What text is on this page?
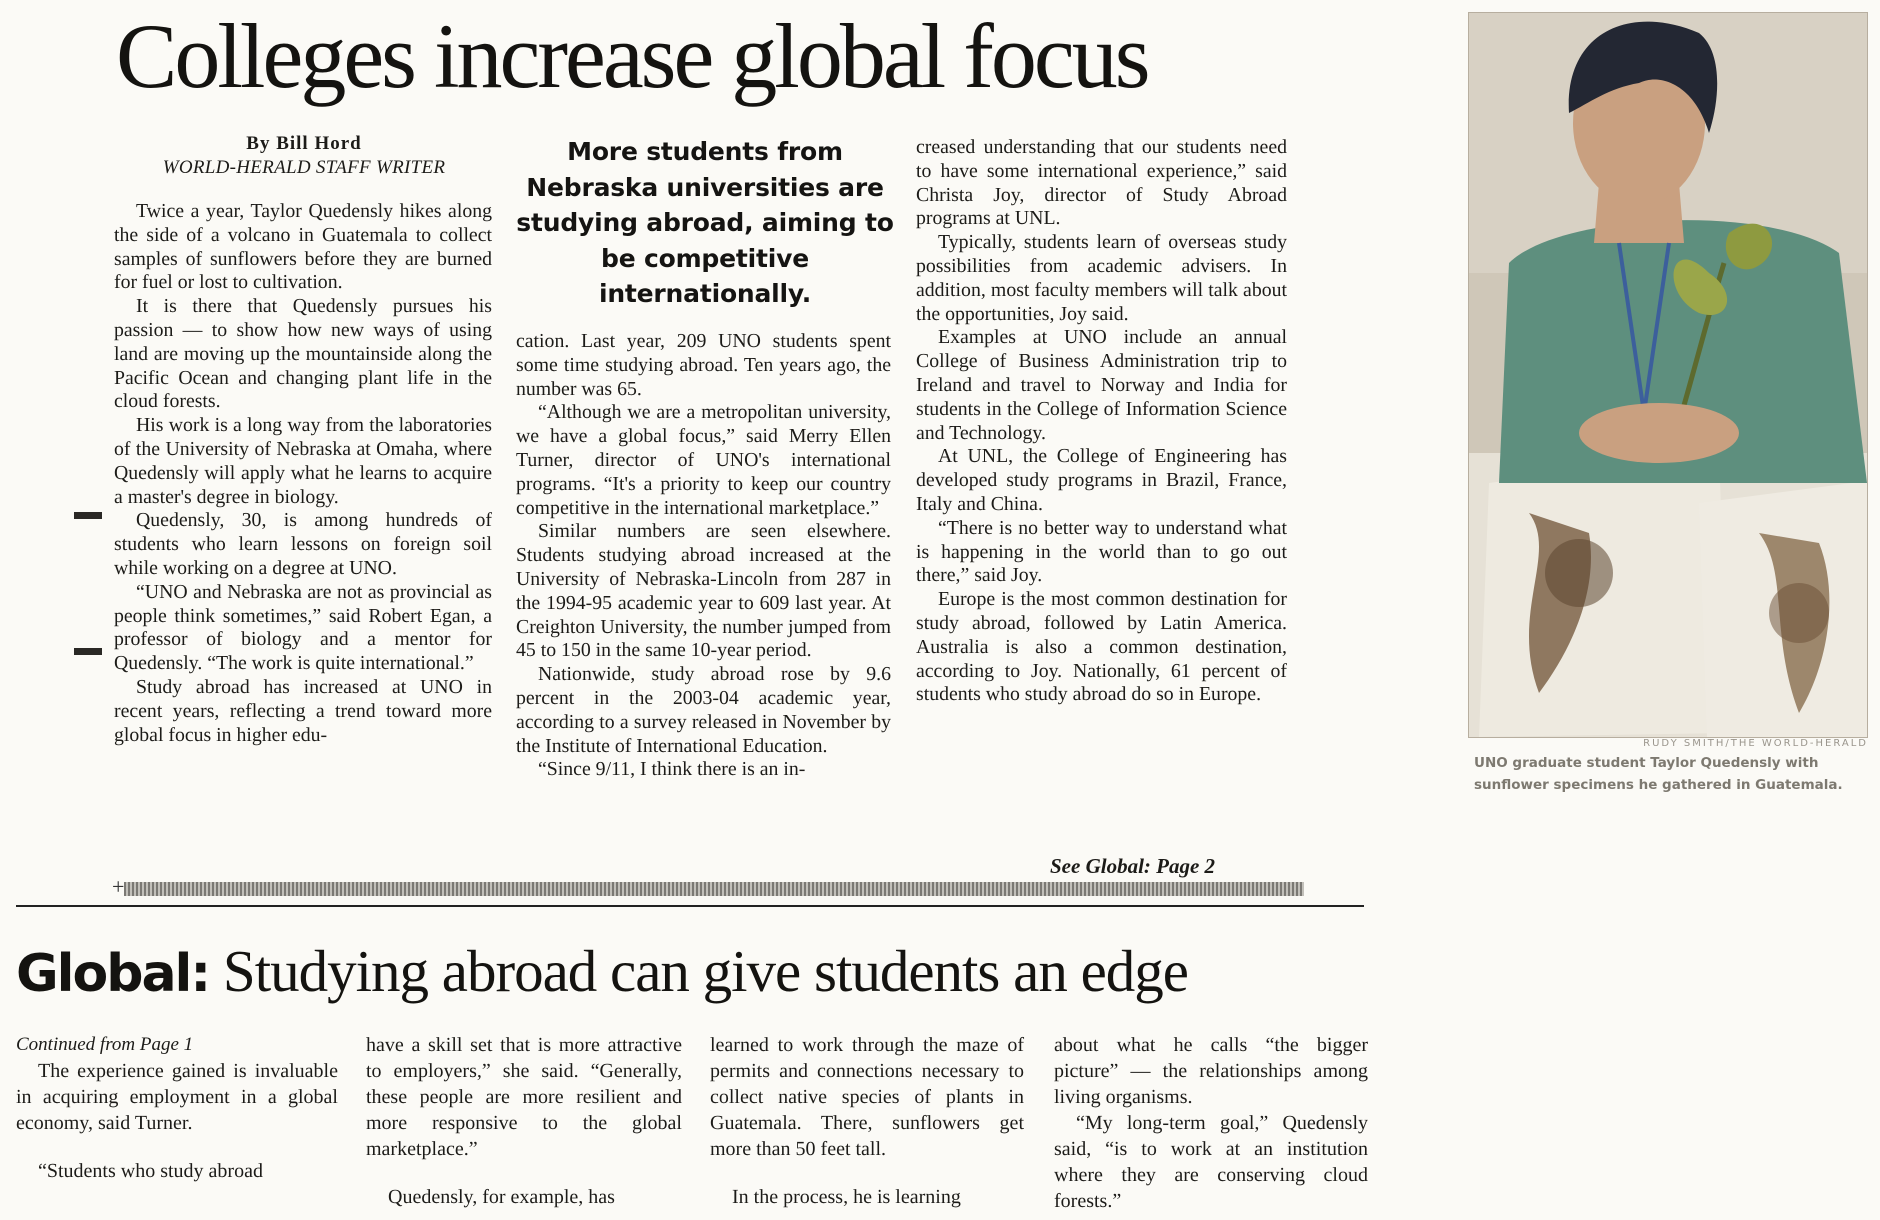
Colleges increase global focus
By Bill Hord
WORLD-HERALD STAFF WRITER

Twice a year, Taylor Quedensly hikes along the side of a volcano in Guatemala to collect samples of sunflowers before they are burned for fuel or lost to cultivation.

It is there that Quedensly pursues his passion — to show how new ways of using land are moving up the mountainside along the Pacific Ocean and changing plant life in the cloud forests.

His work is a long way from the laboratories of the University of Nebraska at Omaha, where Quedensly will apply what he learns to acquire a master's degree in biology.

Quedensly, 30, is among hundreds of students who learn lessons on foreign soil while working on a degree at UNO.

“UNO and Nebraska are not as provincial as people think sometimes,” said Robert Egan, a professor of biology and a mentor for Quedensly. “The work is quite international.”

Study abroad has increased at UNO in recent years, reflecting a trend toward more global focus in higher edu-

More students from Nebraska universities are studying abroad, aiming to be competitive internationally.

cation. Last year, 209 UNO students spent some time studying abroad. Ten years ago, the number was 65.

“Although we are a metropolitan university, we have a global focus,” said Merry Ellen Turner, director of UNO's international programs. “It's a priority to keep our country competitive in the international marketplace.”

Similar numbers are seen elsewhere. Students studying abroad increased at the University of Nebraska-Lincoln from 287 in the 1994-95 academic year to 609 last year. At Creighton University, the number jumped from 45 to 150 in the same 10-year period.

Nationwide, study abroad rose by 9.6 percent in the 2003-04 academic year, according to a survey released in November by the Institute of International Education.

“Since 9/11, I think there is an in-

creased understanding that our students need to have some international experience,” said Christa Joy, director of Study Abroad programs at UNL.

Typically, students learn of overseas study possibilities from academic advisers. In addition, most faculty members will talk about the opportunities, Joy said.

Examples at UNO include an annual College of Business Administration trip to Ireland and travel to Norway and India for students in the College of Information Science and Technology.

At UNL, the College of Engineering has developed study programs in Brazil, France, Italy and China.

“There is no better way to understand what is happening in the world than to go out there,” said Joy.

Europe is the most common destination for study abroad, followed by Latin America. Australia is also a common destination, according to Joy. Nationally, 61 percent of students who study abroad do so in Europe.

See Global: Page 2
+
Global: Studying abroad can give students an edge
Continued from Page 1

The experience gained is invaluable in acquiring employment in a global economy, said Turner.

“Students who study abroad

have a skill set that is more attractive to employers,” she said. “Generally, these people are more resilient and more responsive to the global marketplace.”

Quedensly, for example, has

learned to work through the maze of permits and connections necessary to collect native species of plants in Guatemala. There, sunflowers get more than 50 feet tall.

In the process, he is learning

about what he calls “the bigger picture” — the relationships among living organisms.

“My long-term goal,” Quedensly said, “is to work at an institution where they are conserving cloud forests.”

RUDY SMITH/THE WORLD-HERALD
UNO graduate student Taylor Quedensly with sunflower specimens he gathered in Guatemala.
